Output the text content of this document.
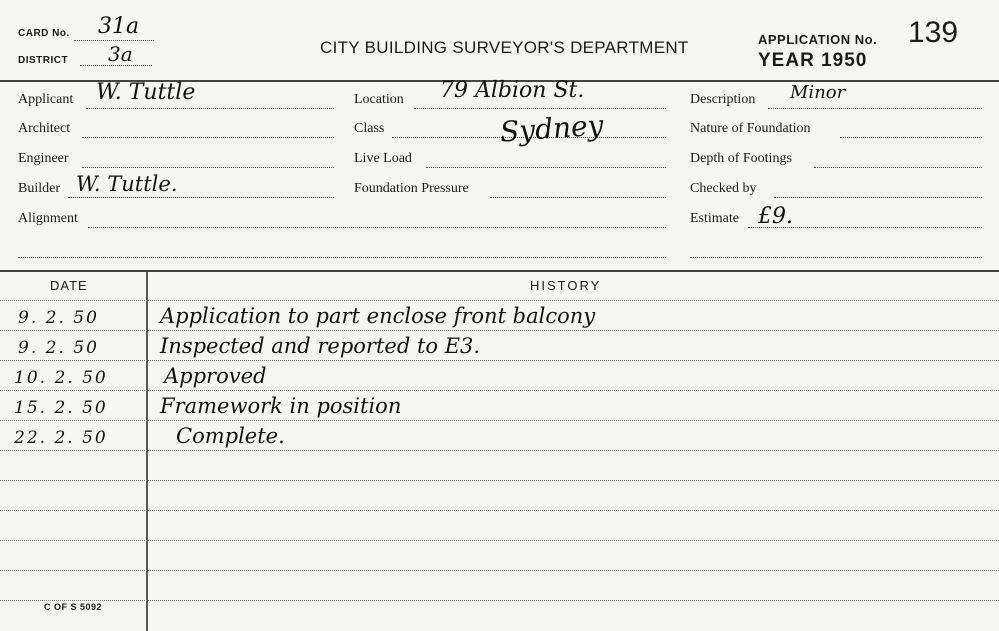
CARD No. 31a
DISTRICT 3a	CITY BUILDING SURVEYOR'S DEPARTMENT	APPLICATION No. 139
YEAR 1950
Applicant W. Tuttle
Architect
Engineer
Builder W. Tuttle.
Alignment
Location 79 Albion St.
Class	Sydney
Live Load
Foundation Pressure
Description Minor
Nature of Foundation
Depth of Footings
Checked by
Estimate £9.
DATE	HISTORY
9. 2. 50	Application to part enclose front balcony
9. 2. 50	Inspected and reported to E3.
10. 2. 50	Approved
15. 2. 50 Framework in position
22. 2. 50	Complete.
C OF S 5092
